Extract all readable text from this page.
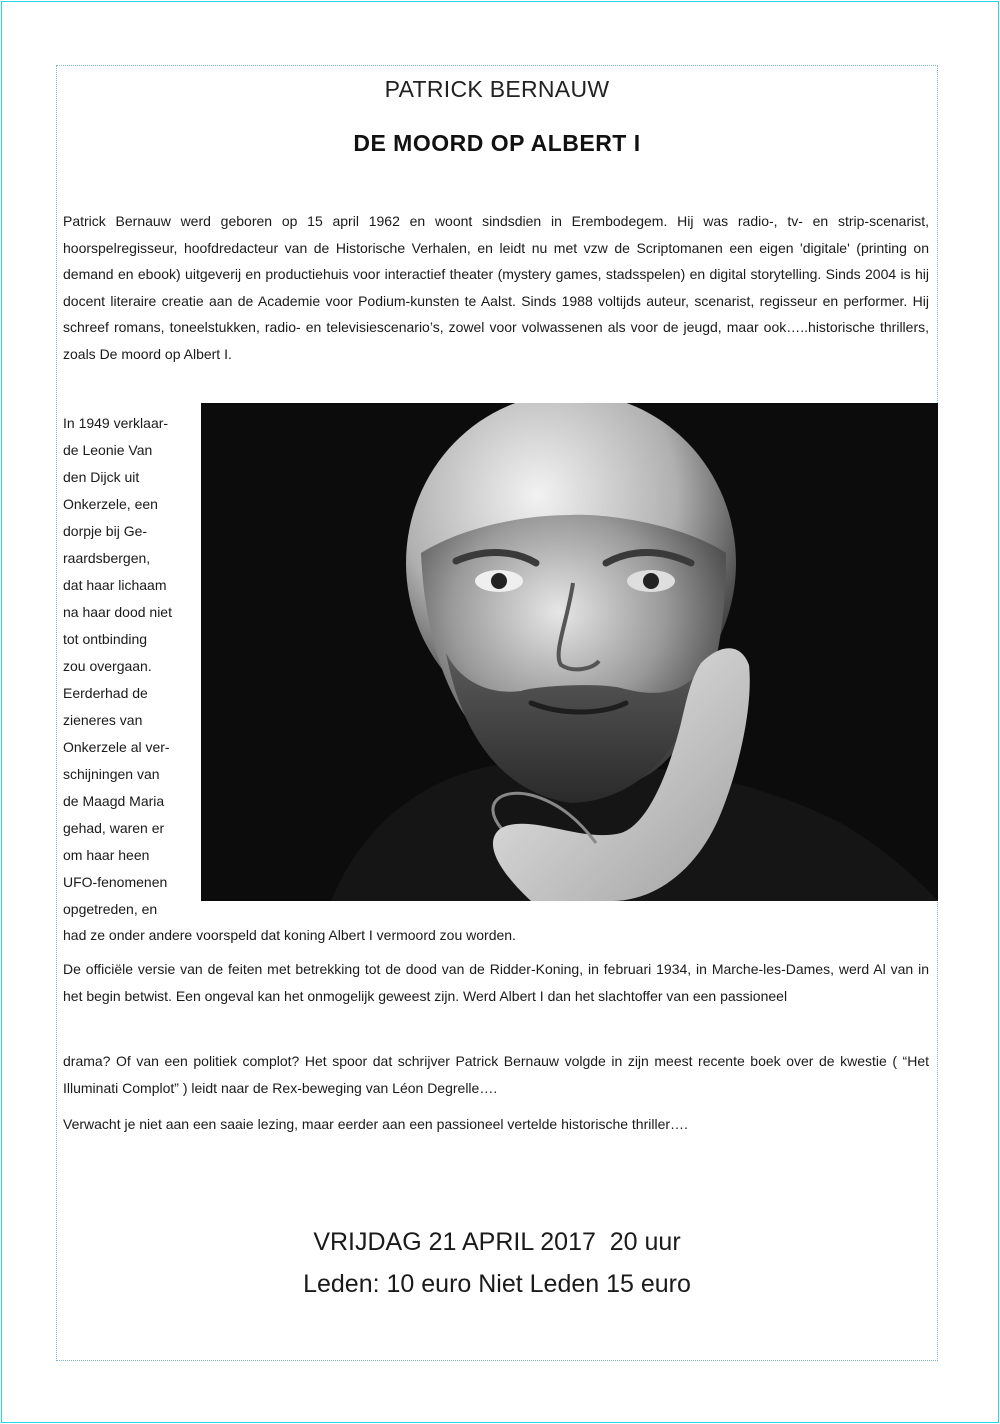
PATRICK BERNAUW
DE MOORD OP ALBERT I
Patrick Bernauw werd geboren op 15 april 1962 en woont sindsdien in Erembodegem. Hij was radio-, tv- en strip-scenarist, hoorspelregisseur, hoofdredacteur van de Historische Verhalen, en leidt nu met vzw de Scriptomanen een eigen 'digitale' (printing on demand en ebook) uitgeverij en productiehuis voor interactief theater (mystery games, stadsspelen) en digital storytelling. Sinds 2004 is hij docent literaire creatie aan de Academie voor Podium-kunsten te Aalst. Sinds 1988 voltijds auteur, scenarist, regisseur en performer. Hij schreef romans, toneelstukken, radio- en televisiescenario’s, zowel voor volwassenen als voor de jeugd, maar ook…..historische thrillers, zoals De moord op Albert I.
In 1949 verklaar-
de Leonie Van
den Dijck uit
Onkerzele, een
dorpje bij Ge-
raardsbergen,
dat haar lichaam
na haar dood niet
tot ontbinding
zou overgaan.
Eerderhad de
zieneres van
Onkerzele al ver-
schijningen van
de Maagd Maria
gehad, waren er
om haar heen
UFO-fenomenen
opgetreden, en
had ze onder andere voorspeld dat koning Albert I vermoord zou worden.
De officiële versie van de feiten met betrekking tot de dood van de Ridder-Koning, in februari 1934, in Marche-les-Dames, werd Al van in het begin betwist. Een ongeval kan het onmogelijk geweest zijn. Werd Albert I dan het slachtoffer van een passioneel
drama? Of van een politiek complot? Het spoor dat schrijver Patrick Bernauw volgde in zijn meest recente boek over de kwestie ( “Het Illuminati Complot” ) leidt naar de Rex-beweging van Léon Degrelle….
Verwacht je niet aan een saaie lezing, maar eerder aan een passioneel vertelde historische thriller….
VRIJDAG 21 APRIL 2017  20 uur
Leden: 10 euro Niet Leden 15 euro
